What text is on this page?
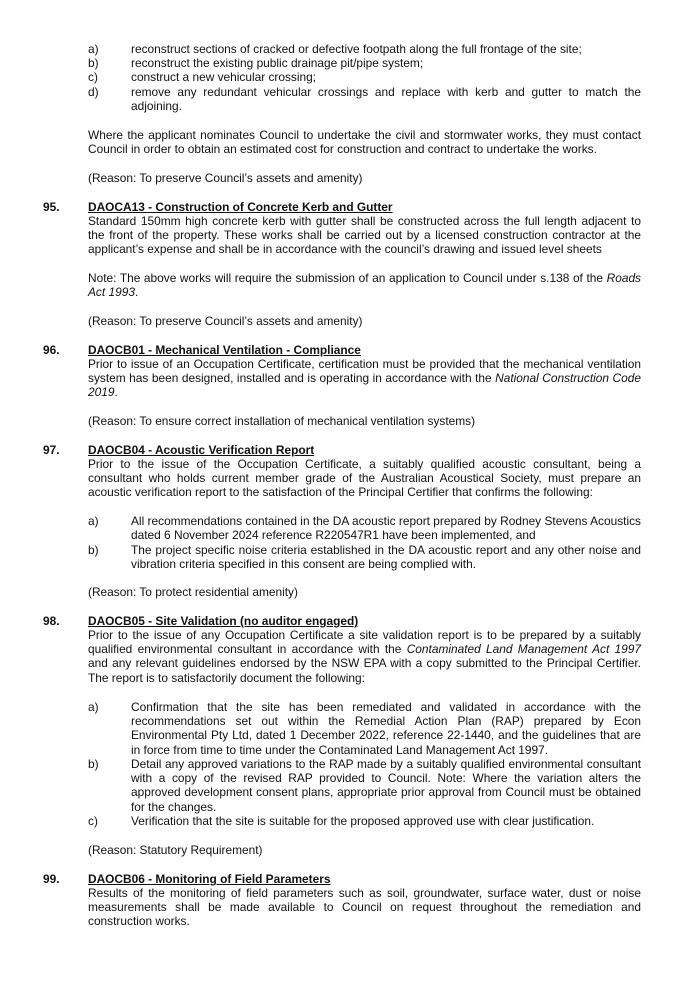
a)	reconstruct sections of cracked or defective footpath along the full frontage of the site;
b)	reconstruct the existing public drainage pit/pipe system;
c)	construct a new vehicular crossing;
d)	remove any redundant vehicular crossings and replace with kerb and gutter to match the adjoining.

Where the applicant nominates Council to undertake the civil and stormwater works, they must contact Council in order to obtain an estimated cost for construction and contract to undertake the works.

(Reason: To preserve Council’s assets and amenity)

95. DAOCA13 - Construction of Concrete Kerb and Gutter

Standard 150mm high concrete kerb with gutter shall be constructed across the full length adjacent to the front of the property. These works shall be carried out by a licensed construction contractor at the applicant’s expense and shall be in accordance with the council’s drawing and issued level sheets

Note: The above works will require the submission of an application to Council under s.138 of the Roads Act 1993.

(Reason: To preserve Council’s assets and amenity)

96. DAOCB01 - Mechanical Ventilation - Compliance

Prior to issue of an Occupation Certificate, certification must be provided that the mechanical ventilation system has been designed, installed and is operating in accordance with the National Construction Code 2019.

(Reason: To ensure correct installation of mechanical ventilation systems)

97. DAOCB04 - Acoustic Verification Report

Prior to the issue of the Occupation Certificate, a suitably qualified acoustic consultant, being a consultant who holds current member grade of the Australian Acoustical Society, must prepare an acoustic verification report to the satisfaction of the Principal Certifier that confirms the following:

a)	All recommendations contained in the DA acoustic report prepared by Rodney Stevens Acoustics dated 6 November 2024 reference R220547R1 have been implemented, and
b)	The project specific noise criteria established in the DA acoustic report and any other noise and vibration criteria specified in this consent are being complied with.

(Reason: To protect residential amenity)

98. DAOCB05 - Site Validation (no auditor engaged)

Prior to the issue of any Occupation Certificate a site validation report is to be prepared by a suitably qualified environmental consultant in accordance with the Contaminated Land Management Act 1997 and any relevant guidelines endorsed by the NSW EPA with a copy submitted to the Principal Certifier. The report is to satisfactorily document the following:

a)	Confirmation that the site has been remediated and validated in accordance with the recommendations set out within the Remedial Action Plan (RAP) prepared by Econ Environmental Pty Ltd, dated 1 December 2022, reference 22-1440, and the guidelines that are in force from time to time under the Contaminated Land Management Act 1997.
b)	Detail any approved variations to the RAP made by a suitably qualified environmental consultant with a copy of the revised RAP provided to Council. Note: Where the variation alters the approved development consent plans, appropriate prior approval from Council must be obtained for the changes.
c)	Verification that the site is suitable for the proposed approved use with clear justification.

(Reason: Statutory Requirement)

99. DAOCB06 - Monitoring of Field Parameters

Results of the monitoring of field parameters such as soil, groundwater, surface water, dust or noise measurements shall be made available to Council on request throughout the remediation and construction works.
